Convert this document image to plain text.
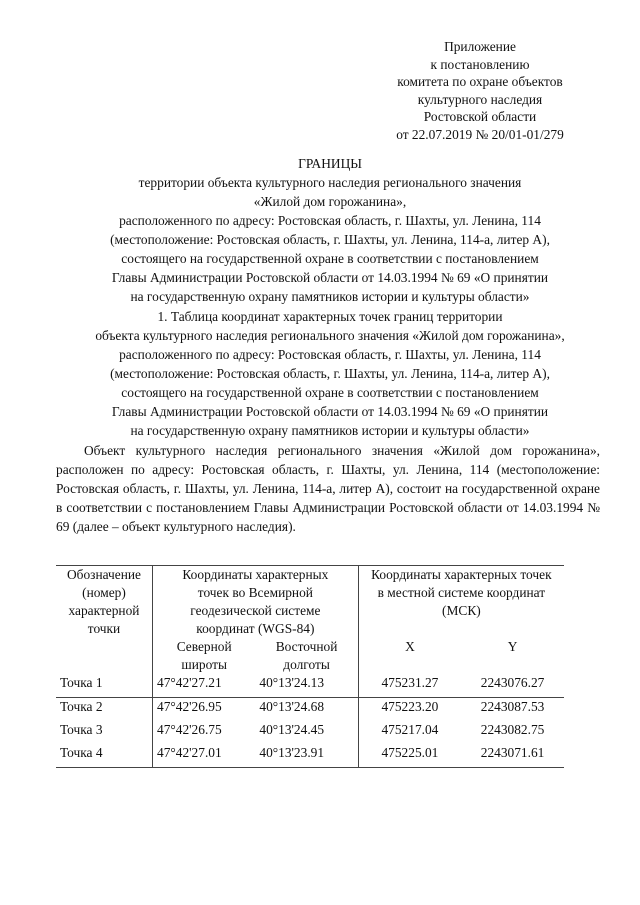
Приложение
к постановлению
комитета по охране объектов
культурного наследия
Ростовской области
от 22.07.2019 № 20/01-01/279
ГРАНИЦЫ
территории объекта культурного наследия регионального значения
«Жилой дом горожанина»,
расположенного по адресу: Ростовская область, г. Шахты, ул. Ленина, 114
(местоположение: Ростовская область, г. Шахты, ул. Ленина, 114-а, литер А),
состоящего на государственной охране в соответствии с постановлением
Главы Администрации Ростовской области от 14.03.1994 № 69 «О принятии
на государственную охрану памятников истории и культуры области»
1. Таблица координат характерных точек границ территории
объекта культурного наследия регионального значения «Жилой дом горожанина»,
расположенного по адресу: Ростовская область, г. Шахты, ул. Ленина, 114
(местоположение: Ростовская область, г. Шахты, ул. Ленина, 114-а, литер А),
состоящего на государственной охране в соответствии с постановлением
Главы Администрации Ростовской области от 14.03.1994 № 69 «О принятии
на государственную охрану памятников истории и культуры области»

Объект культурного наследия регионального значения «Жилой дом горожанина», расположен по адресу: Ростовская область, г. Шахты, ул. Ленина, 114 (местоположение: Ростовская область, г. Шахты, ул. Ленина, 114-а, литер А), состоит на государственной охране в соответствии с постановлением Главы Администрации Ростовской области от 14.03.1994 № 69 (далее – объект культурного наследия).

Обозначение (номер) характерной точки	Координаты характерных точек во Всемирной геодезической системе координат (WGS-84)		Координаты характерных точек в местной системе координат (МСК)	
	Северной широты	Восточной долготы	X	Y
Точка 1	47°42'27.21	40°13'24.13	475231.27	2243076.27
Точка 2	47°42'26.95	40°13'24.68	475223.20	2243087.53
Точка 3	47°42'26.75	40°13'24.45	475217.04	2243082.75
Точка 4	47°42'27.01	40°13'23.91	475225.01	2243071.61
